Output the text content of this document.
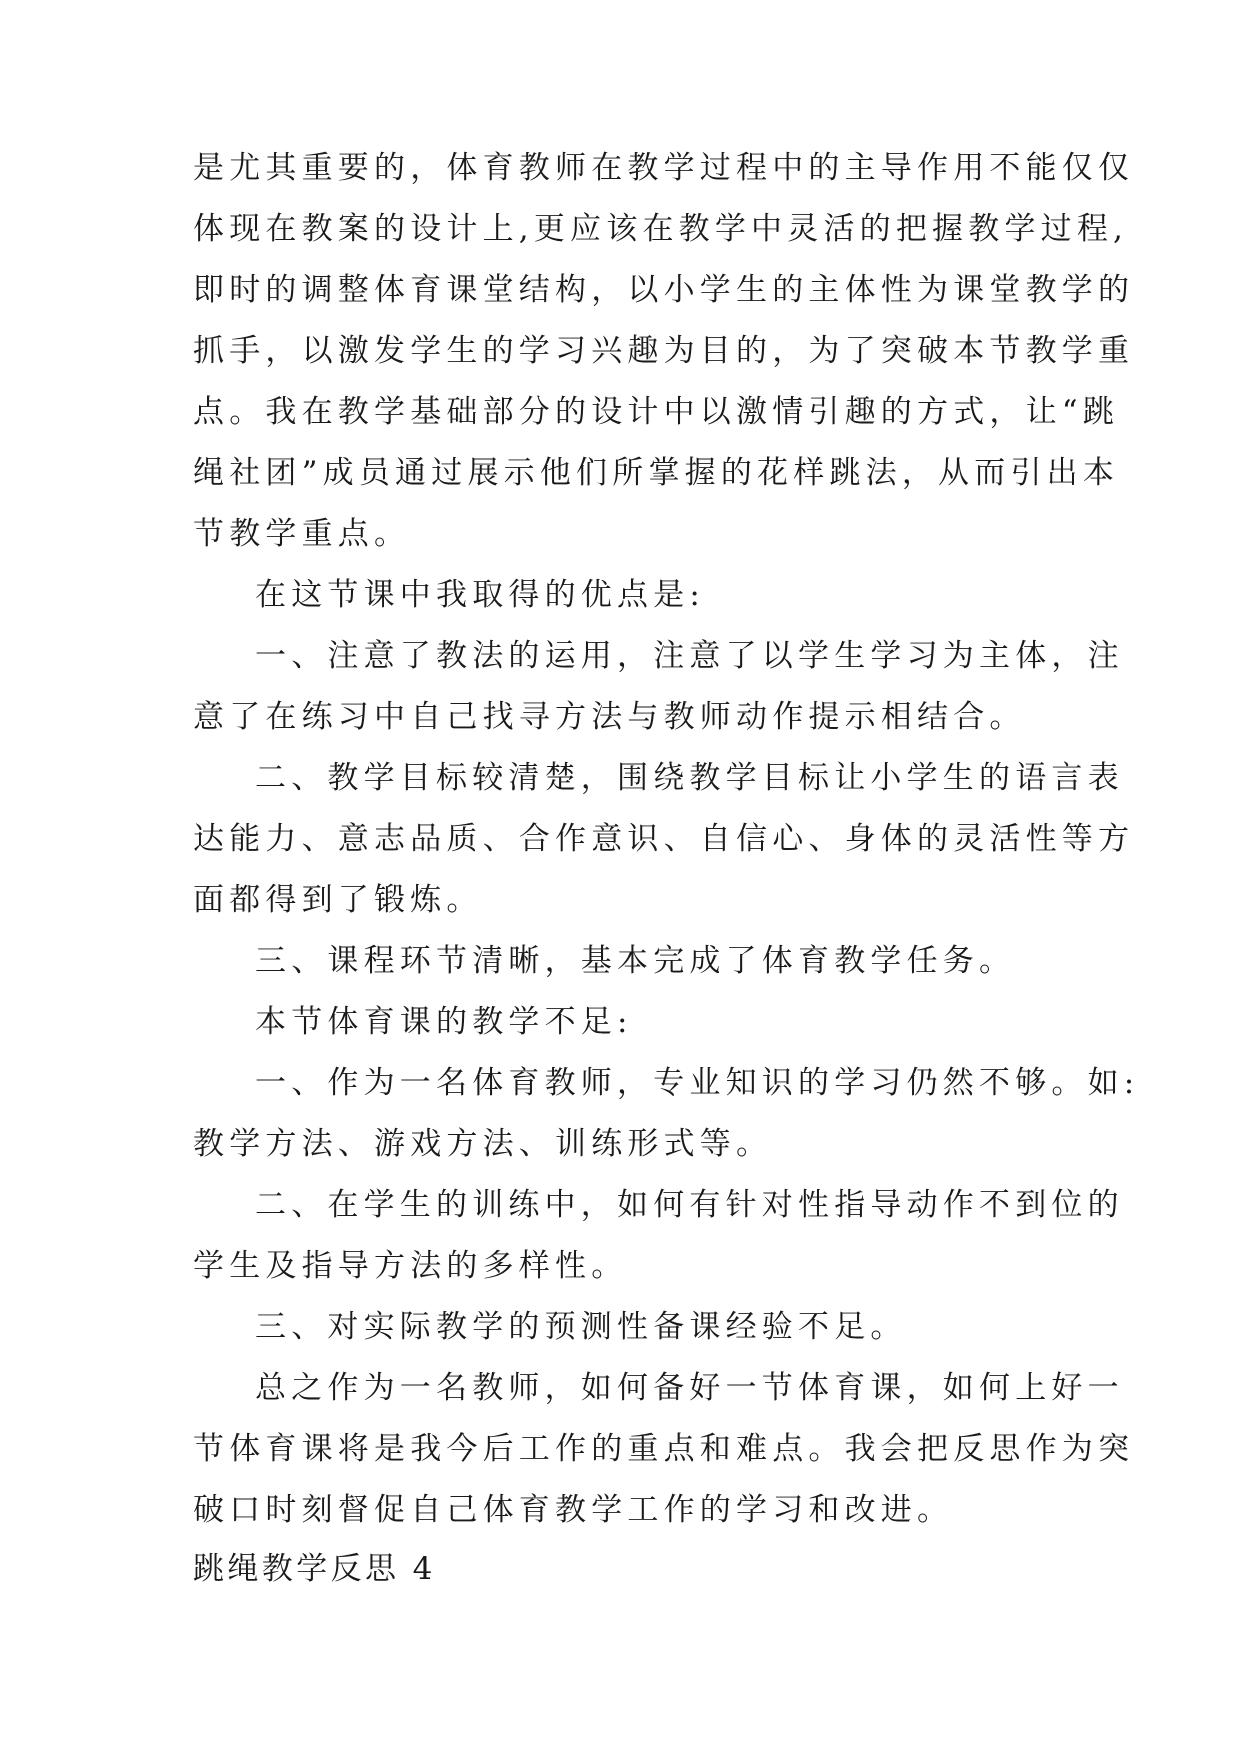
是尤其重要的，体育教师在教学过程中的主导作用不能仅仅
体现在教案的设计上,更应该在教学中灵活的把握教学过程,
即时的调整体育课堂结构，以小学生的主体性为课堂教学的
抓手，以激发学生的学习兴趣为目的，为了突破本节教学重
点。我在教学基础部分的设计中以激情引趣的方式，让“跳
绳社团”成员通过展示他们所掌握的花样跳法，从而引出本
节教学重点。
在这节课中我取得的优点是:
一、注意了教法的运用，注意了以学生学习为主体，注
意了在练习中自己找寻方法与教师动作提示相结合。
二、教学目标较清楚，围绕教学目标让小学生的语言表
达能力、意志品质、合作意识、自信心、身体的灵活性等方
面都得到了锻炼。
三、课程环节清晰，基本完成了体育教学任务。
本节体育课的教学不足:
一、作为一名体育教师，专业知识的学习仍然不够。如:
教学方法、游戏方法、训练形式等。
二、在学生的训练中，如何有针对性指导动作不到位的
学生及指导方法的多样性。
三、对实际教学的预测性备课经验不足。
总之作为一名教师，如何备好一节体育课，如何上好一
节体育课将是我今后工作的重点和难点。我会把反思作为突
破口时刻督促自己体育教学工作的学习和改进。
跳绳教学反思 4
